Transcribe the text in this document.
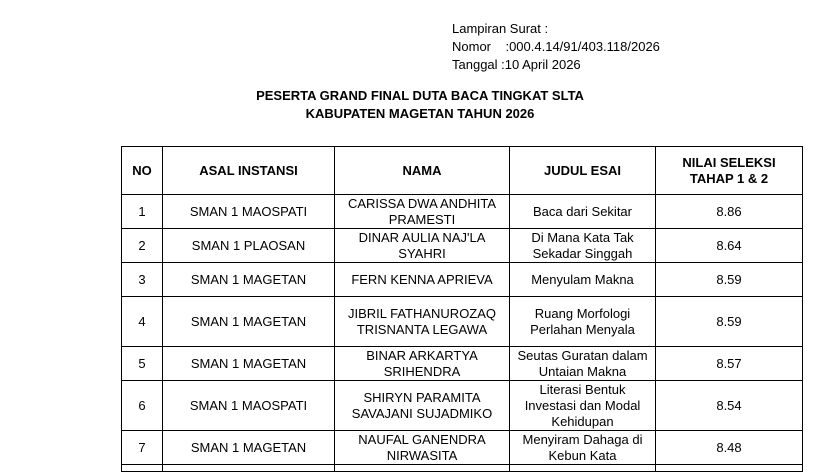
Lampiran Surat :
Nomor    :000.4.14/91/403.118/2026
Tanggal :10 April 2026
PESERTA GRAND FINAL DUTA BACA TINGKAT SLTA
KABUPATEN MAGETAN TAHUN 2026
NO	ASAL INSTANSI	NAMA	JUDUL ESAI	NILAI SELEKSI TAHAP 1 & 2
1	SMAN 1 MAOSPATI	CARISSA DWA ANDHITA PRAMESTI	Baca dari Sekitar	8.86
2	SMAN 1 PLAOSAN	DINAR AULIA NAJ'LA SYAHRI	Di Mana Kata Tak Sekadar Singgah	8.64
3	SMAN 1 MAGETAN	FERN KENNA APRIEVA	Menyulam Makna	8.59
4	SMAN 1 MAGETAN	JIBRIL FATHANUROZAQ TRISNANTA LEGAWA	Ruang Morfologi Perlahan Menyala	8.59
5	SMAN 1 MAGETAN	BINAR ARKARTYA SRIHENDRA	Seutas Guratan dalam Untaian Makna	8.57
6	SMAN 1 MAOSPATI	SHIRYN PARAMITA SAVAJANI SUJADMIKO	Literasi Bentuk Investasi dan Modal Kehidupan	8.54
7	SMAN 1 MAGETAN	NAUFAL GANENDRA NIRWASITA	Menyiram Dahaga di Kebun Kata	8.48
